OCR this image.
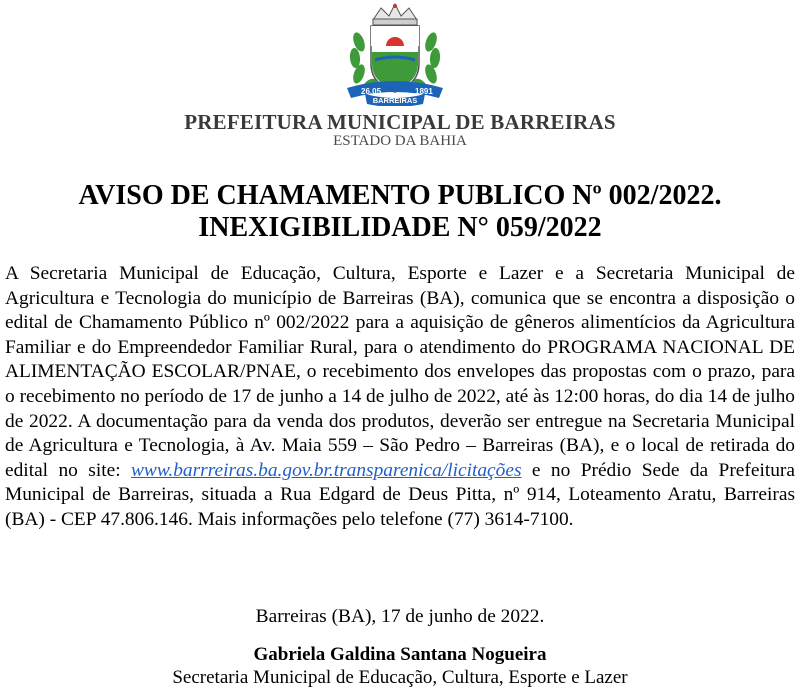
26.05	1891
BARREIRAS
PREFEITURA MUNICIPAL DE BARREIRAS
ESTADO DA BAHIA
AVISO DE CHAMAMENTO PUBLICO Nº 002/2022.
INEXIGIBILIDADE N° 059/2022
A Secretaria Municipal de Educação, Cultura, Esporte e Lazer e a Secretaria Municipal de Agricultura e Tecnologia do município de Barreiras (BA), comunica que se encontra a disposição o edital de Chamamento Público nº 002/2022 para a aquisição de gêneros alimentícios da Agricultura Familiar e do Empreendedor Familiar Rural, para o atendimento do PROGRAMA NACIONAL DE ALIMENTAÇÃO ESCOLAR/PNAE, o recebimento dos envelopes das propostas com o prazo, para o recebimento no período de 17 de junho a 14 de julho de 2022, até às 12:00 horas, do dia 14 de julho de 2022. A documentação para da venda dos produtos, deverão ser entregue na Secretaria Municipal de Agricultura e Tecnologia, à Av. Maia 559 – São Pedro – Barreiras (BA), e o local de retirada do edital no site: www.barrreiras.ba.gov.br.transparenica/licitações e no Prédio Sede da Prefeitura Municipal de Barreiras, situada a Rua Edgard de Deus Pitta, nº 914, Loteamento Aratu, Barreiras (BA) - CEP 47.806.146. Mais informações pelo telefone (77) 3614-7100.
Barreiras (BA), 17 de junho de 2022.
Gabriela Galdina Santana Nogueira
Secretaria Municipal de Educação, Cultura, Esporte e Lazer
